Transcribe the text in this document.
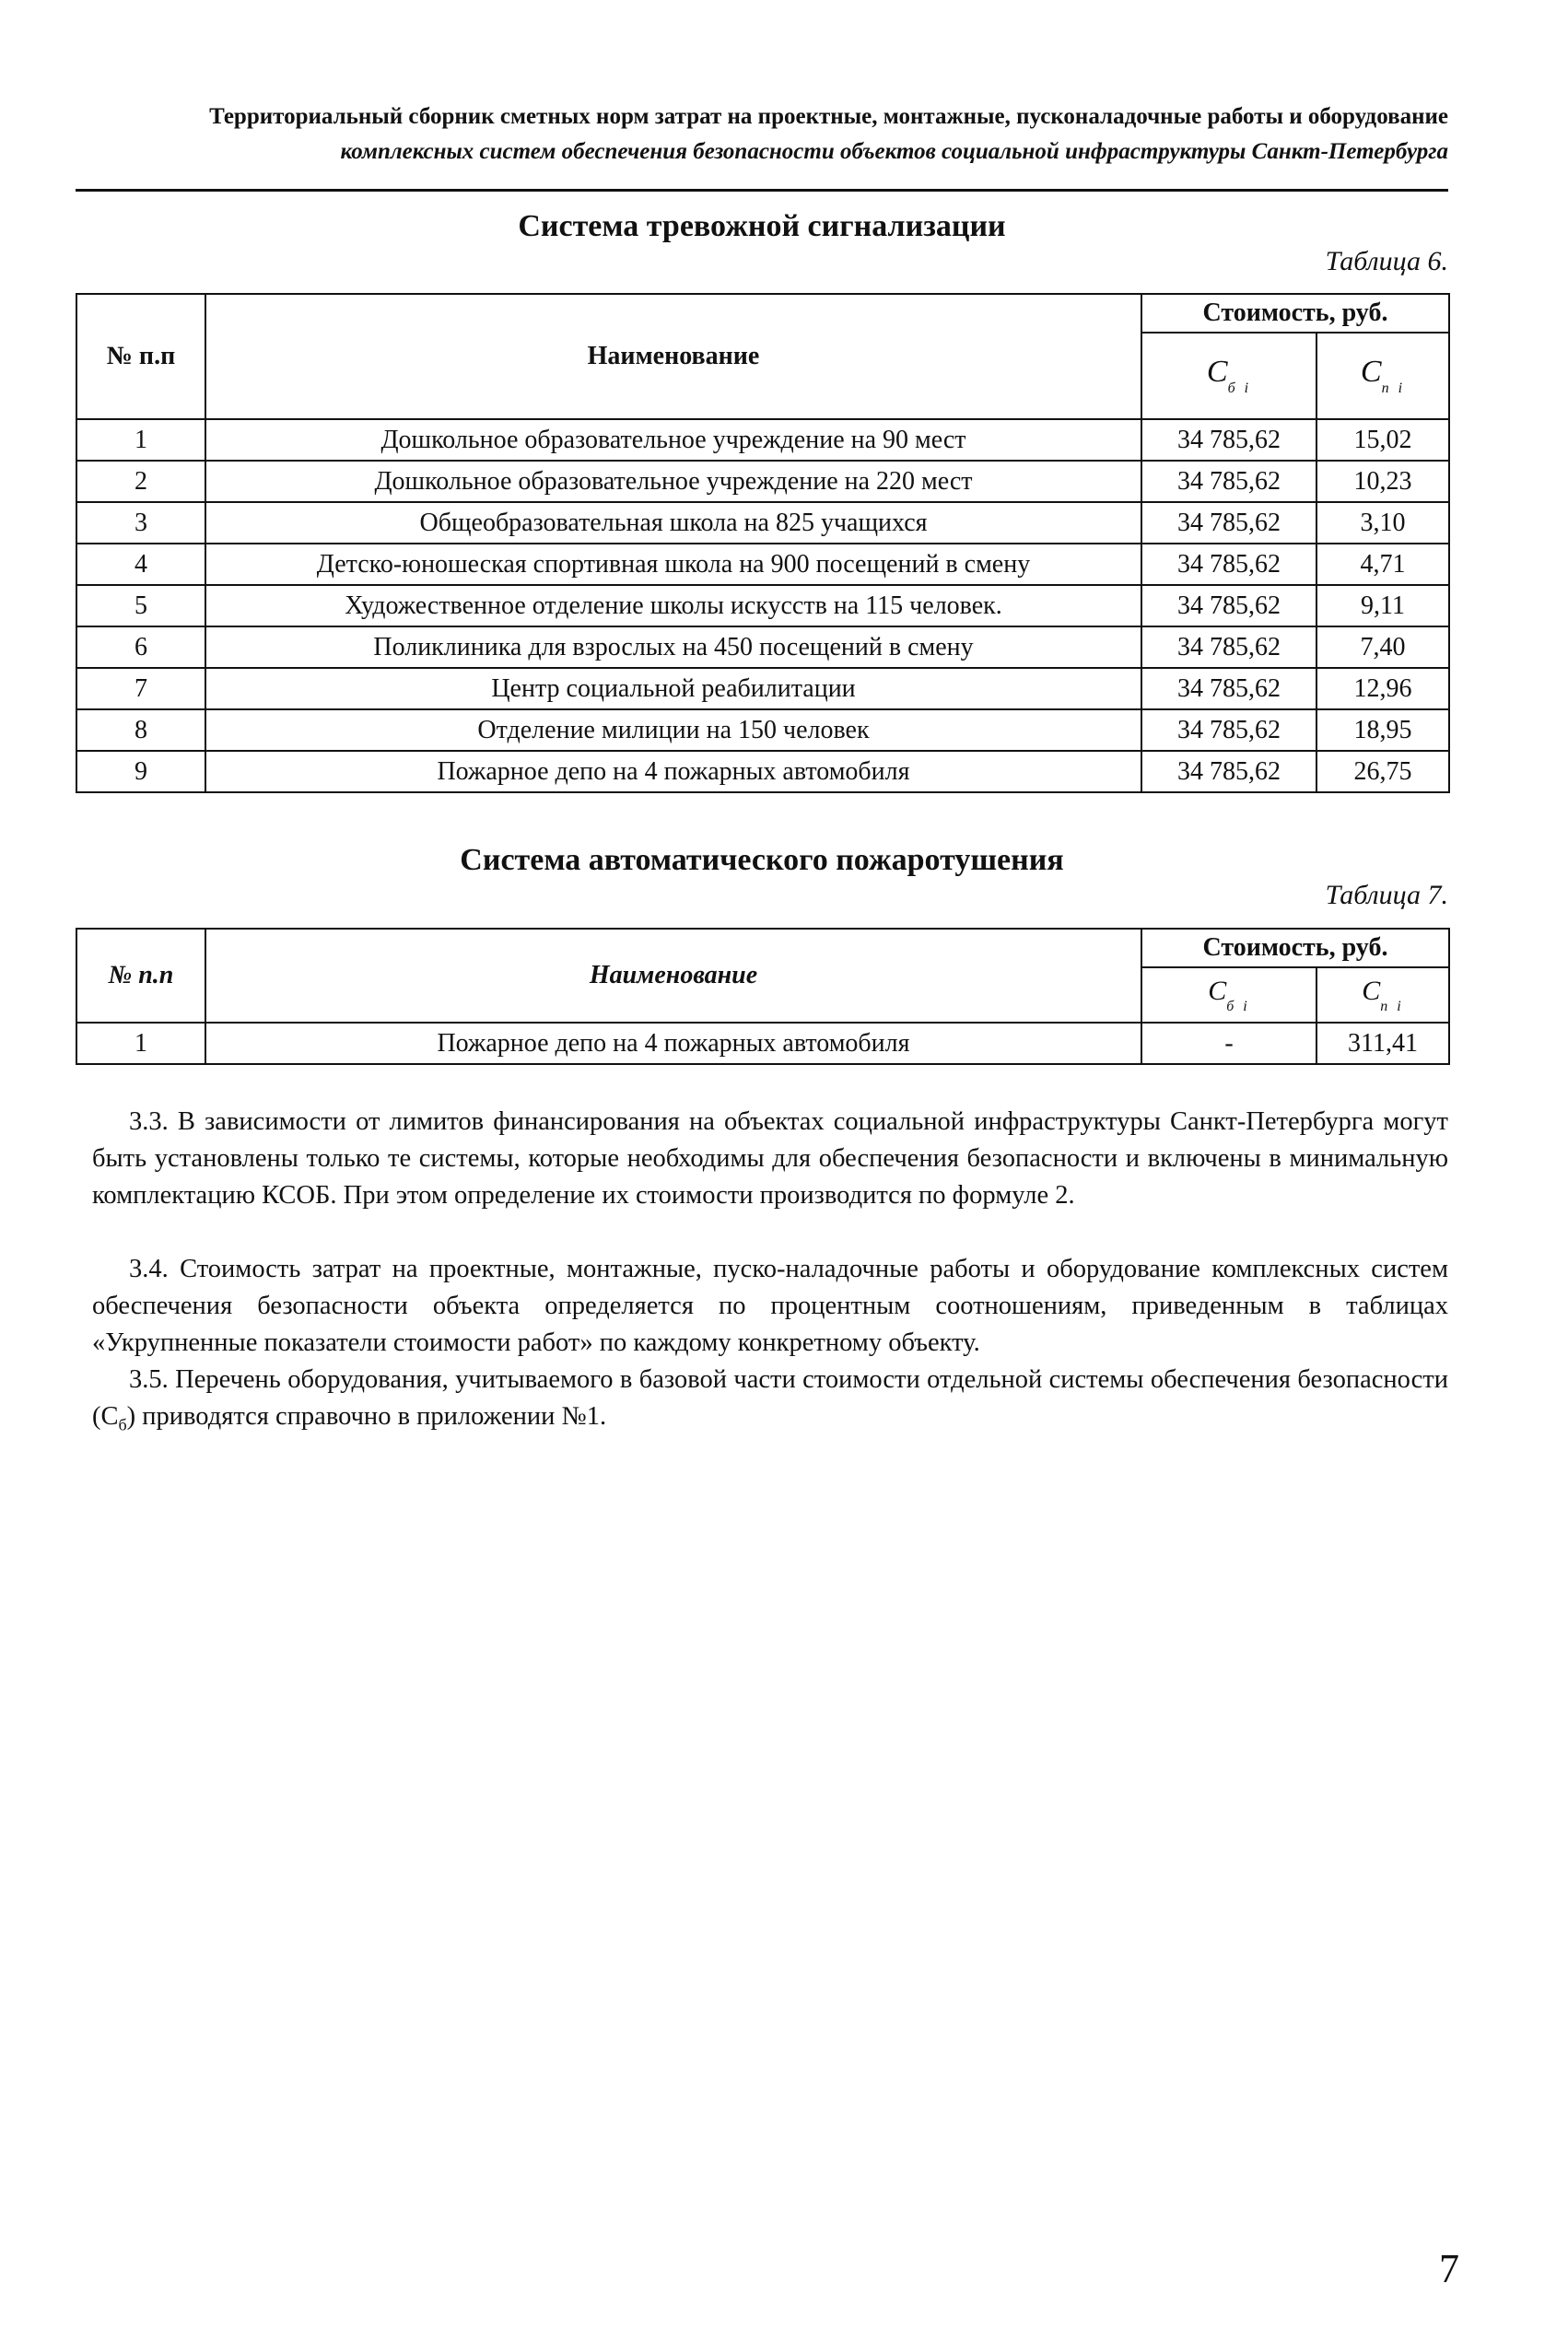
Территориальный сборник сметных норм затрат на проектные, монтажные, пусконаладочные работы и оборудование
комплексных систем обеспечения безопасности объектов социальной инфраструктуры Санкт-Петербурга
Система тревожной сигнализации
Таблица 6.
№ п.п	Наименование	Стоимость, руб.	
		$С_{б i}$	$С_{п i}$
1	Дошкольное образовательное учреждение на 90 мест	34 785,62	15,02
2	Дошкольное образовательное учреждение на 220 мест	34 785,62	10,23
3	Общеобразовательная школа на 825 учащихся	34 785,62	3,10
4	Детско-юношеская спортивная школа на 900 посещений в смену	34 785,62	4,71
5	Художественное отделение школы искусств на 115 человек.	34 785,62	9,11
6	Поликлиника для взрослых на 450 посещений в смену	34 785,62	7,40
7	Центр социальной реабилитации	34 785,62	12,96
8	Отделение милиции на 150 человек	34 785,62	18,95
9	Пожарное депо на 4 пожарных автомобиля	34 785,62	26,75
Система автоматического пожаротушения
Таблица 7.
№ п.п	Наименование	Стоимость, руб.	
		$С_{б i}$	$С_{п i}$
1	Пожарное депо на 4 пожарных автомобиля	-	311,41

3.3. В зависимости от лимитов финансирования на объектах социальной инфраструктуры Санкт-Петербурга могут быть установлены только те системы, которые необходимы для обеспечения безопасности и включены в минимальную комплектацию КСОБ. При этом определение их стоимости производится по формуле 2.

3.4. Стоимость затрат на проектные, монтажные, пуско-наладочные работы и оборудование комплексных систем обеспечения безопасности объекта определяется по процентным соотношениям, приведенным в таблицах «Укрупненные показатели стоимости работ» по каждому конкретному объекту.

3.5. Перечень оборудования, учитываемого в базовой части стоимости отдельной системы обеспечения безопасности $(С_б)$ приводятся справочно в приложении №1.

7
